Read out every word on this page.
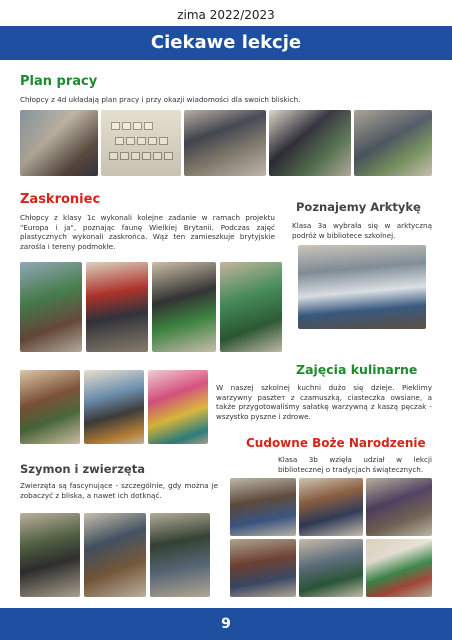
zima 2022/2023
Ciekawe lekcje
Plan pracy
Chłopcy z 4d układają plan pracy i przy okazji wiadomości dla swoich bliskich.
Zaskroniec
Chłopcy z klasy 1c wykonali kolejne zadanie w ramach projektu "Europa i ja", poznając faunę Wielkiej Brytanii. Podczas zajęć plastycznych wykonali zaskrońca. Wąż ten zamieszkuje brytyjskie zarośla i tereny podmokłe.
Poznajemy Arktykę
Klasa 3a wybrała się w arktyczną podróż w bibliotece szkolnej.
Zajęcia kulinarne
W naszej szkolnej kuchni dużo się dzieje. Pieklimy warzywny paszteт z czamuszką, ciasteczka owsiane, a także przygotowaliśmy sałatkę warzywną z kaszą pęczak - wszystko pyszne i zdrowe.
Cudowne Boże Narodzenie
Klasa 3b wzięła udział w lekcji bibliotecznej o tradycjach świątecznych.
Szymon i zwierzęta
Zwierzęta są fascynujące - szczególnie, gdy można je zobaczyć z bliska, a nawet ich dotknąć.
9
